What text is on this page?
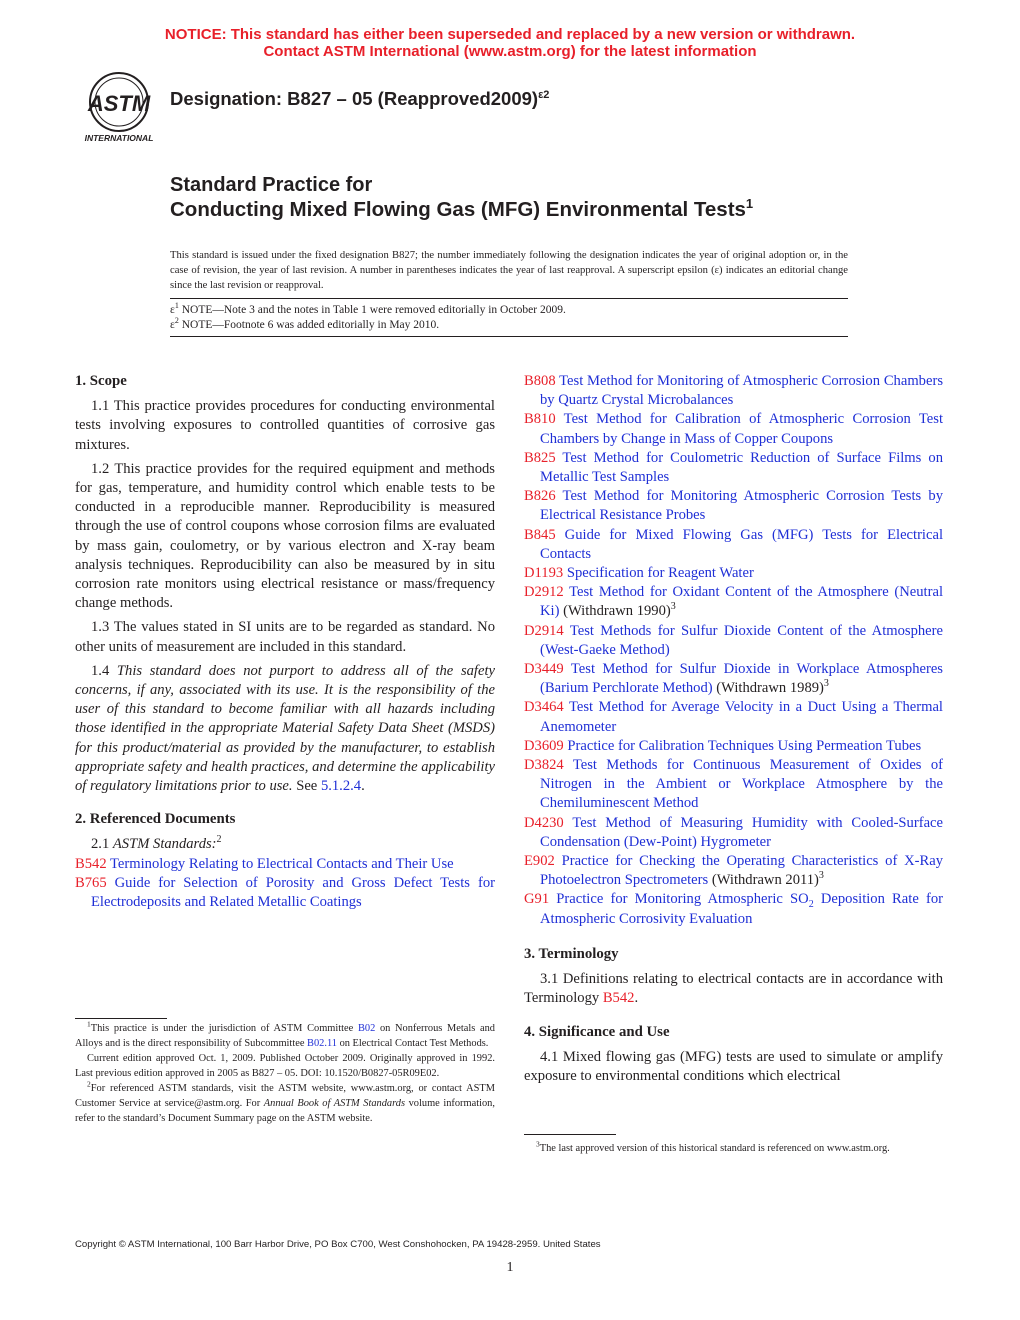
NOTICE: This standard has either been superseded and replaced by a new version or withdrawn.
Contact ASTM International (www.astm.org) for the latest information
ASTM
INTERNATIONAL
Designation: B827 – 05 (Reapproved2009)$^{\varepsilon 2}$
Standard Practice for
Conducting Mixed Flowing Gas (MFG) Environmental Tests$^1$
This standard is issued under the fixed designation B827; the number immediately following the designation indicates the year of original adoption or, in the case of revision, the year of last revision. A number in parentheses indicates the year of last reapproval. A superscript epsilon (ε) indicates an editorial change since the last revision or reapproval.
$\varepsilon^1$ NOTE—Note 3 and the notes in Table 1 were removed editorially in October 2009.
$\varepsilon^2$ NOTE—Footnote 6 was added editorially in May 2010.
1. Scope
1.1 This practice provides procedures for conducting environmental tests involving exposures to controlled quantities of corrosive gas mixtures.
1.2 This practice provides for the required equipment and methods for gas, temperature, and humidity control which enable tests to be conducted in a reproducible manner. Reproducibility is measured through the use of control coupons whose corrosion films are evaluated by mass gain, coulometry, or by various electron and X-ray beam analysis techniques. Reproducibility can also be measured by in situ corrosion rate monitors using electrical resistance or mass/frequency change methods.
1.3 The values stated in SI units are to be regarded as standard. No other units of measurement are included in this standard.
1.4 This standard does not purport to address all of the safety concerns, if any, associated with its use. It is the responsibility of the user of this standard to become familiar with all hazards including those identified in the appropriate Material Safety Data Sheet (MSDS) for this product/material as provided by the manufacturer, to establish appropriate safety and health practices, and determine the applicability of regulatory limitations prior to use. See 5.1.2.4.
2. Referenced Documents
2.1 ASTM Standards:$^2$
B542 Terminology Relating to Electrical Contacts and Their Use
B765 Guide for Selection of Porosity and Gross Defect Tests for Electrodeposits and Related Metallic Coatings
$^1$This practice is under the jurisdiction of ASTM Committee B02 on Nonferrous Metals and Alloys and is the direct responsibility of Subcommittee B02.11 on Electrical Contact Test Methods.
Current edition approved Oct. 1, 2009. Published October 2009. Originally approved in 1992. Last previous edition approved in 2005 as B827 – 05. DOI: 10.1520/B0827-05R09E02.
$^2$For referenced ASTM standards, visit the ASTM website, www.astm.org, or contact ASTM Customer Service at service@astm.org. For Annual Book of ASTM Standards volume information, refer to the standard’s Document Summary page on the ASTM website.
B808 Test Method for Monitoring of Atmospheric Corrosion Chambers by Quartz Crystal Microbalances
B810 Test Method for Calibration of Atmospheric Corrosion Test Chambers by Change in Mass of Copper Coupons
B825 Test Method for Coulometric Reduction of Surface Films on Metallic Test Samples
B826 Test Method for Monitoring Atmospheric Corrosion Tests by Electrical Resistance Probes
B845 Guide for Mixed Flowing Gas (MFG) Tests for Electrical Contacts
D1193 Specification for Reagent Water
D2912 Test Method for Oxidant Content of the Atmosphere (Neutral Ki) (Withdrawn 1990)$^3$
D2914 Test Methods for Sulfur Dioxide Content of the Atmosphere (West-Gaeke Method)
D3449 Test Method for Sulfur Dioxide in Workplace Atmospheres (Barium Perchlorate Method) (Withdrawn 1989)$^3$
D3464 Test Method for Average Velocity in a Duct Using a Thermal Anemometer
D3609 Practice for Calibration Techniques Using Permeation Tubes
D3824 Test Methods for Continuous Measurement of Oxides of Nitrogen in the Ambient or Workplace Atmosphere by the Chemiluminescent Method
D4230 Test Method of Measuring Humidity with Cooled-Surface Condensation (Dew-Point) Hygrometer
E902 Practice for Checking the Operating Characteristics of X-Ray Photoelectron Spectrometers (Withdrawn 2011)$^3$
G91 Practice for Monitoring Atmospheric $SO_2$ Deposition Rate for Atmospheric Corrosivity Evaluation
3. Terminology
3.1 Definitions relating to electrical contacts are in accordance with Terminology B542.
4. Significance and Use
4.1 Mixed flowing gas (MFG) tests are used to simulate or amplify exposure to environmental conditions which electrical
$^3$The last approved version of this historical standard is referenced on www.astm.org.
Copyright © ASTM International, 100 Barr Harbor Drive, PO Box C700, West Conshohocken, PA 19428-2959. United States
1
